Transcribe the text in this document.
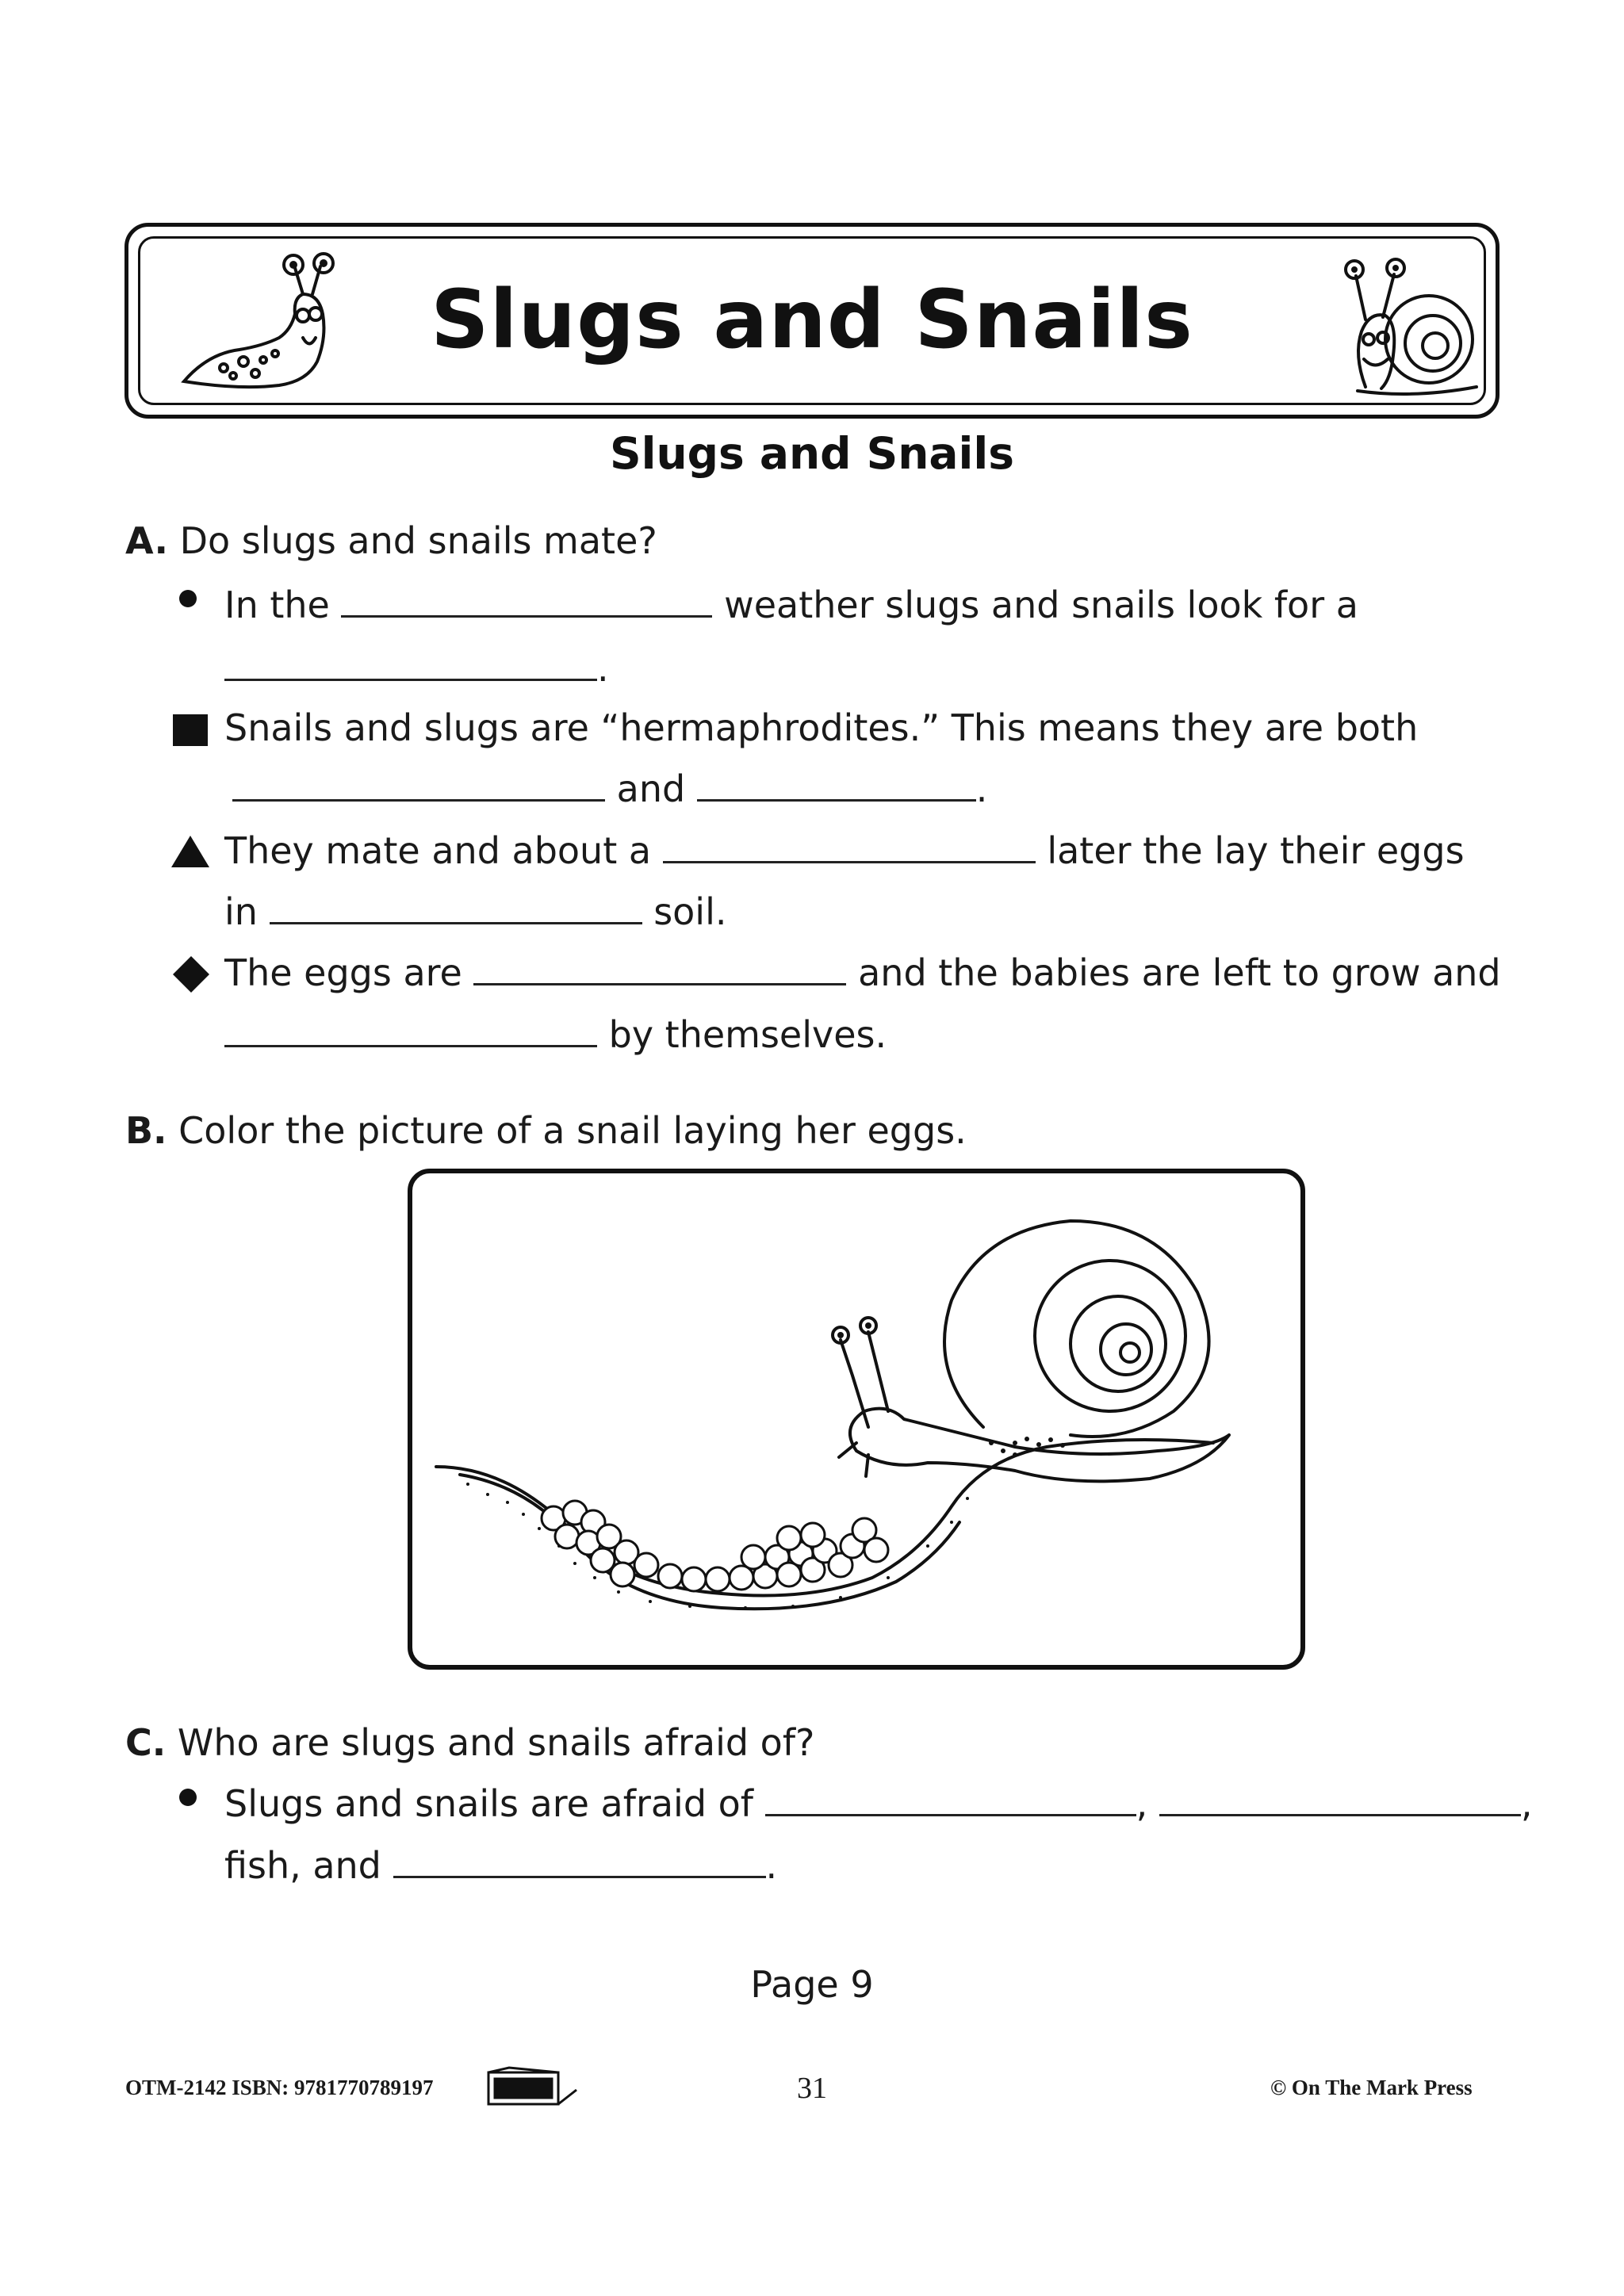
Slugs and Snails
Slugs and Snails
A. Do slugs and snails mate?
In the	weather slugs and snails look for a
.
Snails and slugs are “hermaphrodites.” This means they are both
and	.
They mate and about a	later the lay their eggs
in	soil.
The eggs are	and the babies are left to grow and
by themselves.
B. Color the picture of a snail laying her eggs.
C. Who are slugs and snails afraid of?
Slugs and snails are afraid of	,	,
fish, and	.
Page 9
OTM-2142 ISBN: 9781770789197	31	© On The Mark Press
